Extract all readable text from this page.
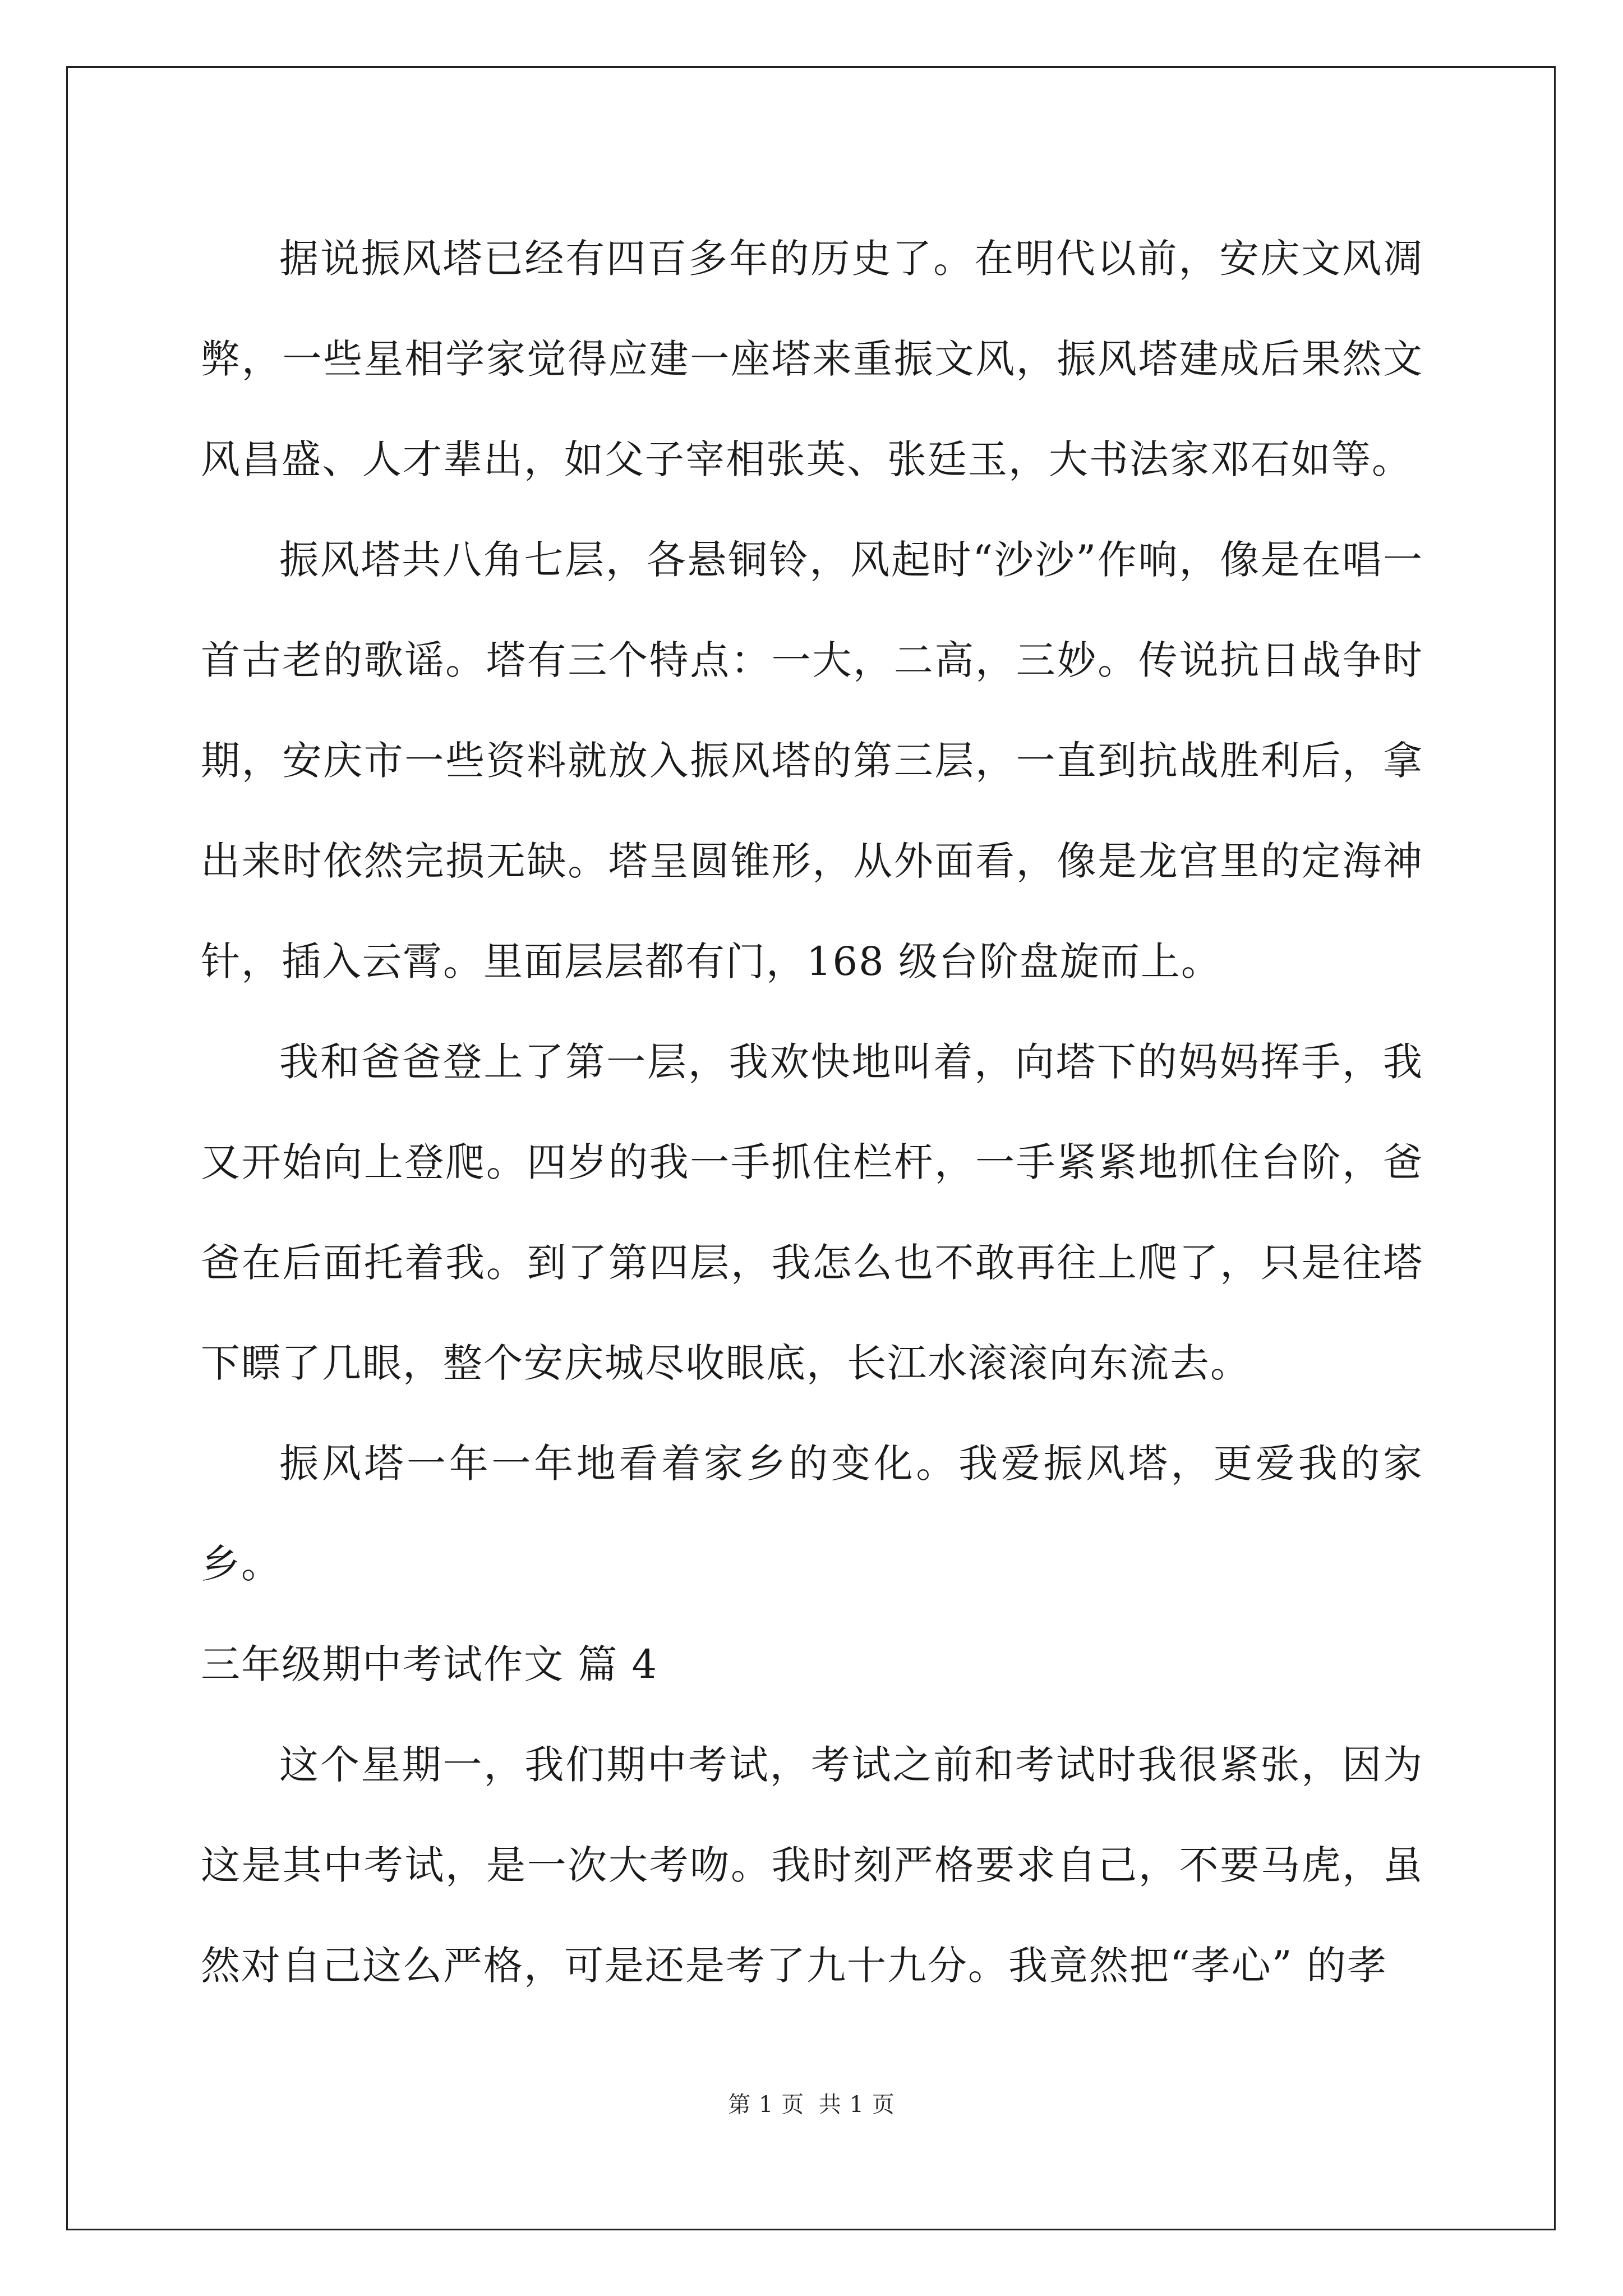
据说振风塔已经有四百多年的历史了。在明代以前，安庆文风凋弊，一些星相学家觉得应建一座塔来重振文风，振风塔建成后果然文风昌盛、人才辈出，如父子宰相张英、张廷玉，大书法家邓石如等。

振风塔共八角七层，各悬铜铃，风起时“沙沙”作响，像是在唱一首古老的歌谣。塔有三个特点：一大，二高，三妙。传说抗日战争时期，安庆市一些资料就放入振风塔的第三层，一直到抗战胜利后，拿出来时依然完损无缺。塔呈圆锥形，从外面看，像是龙宫里的定海神针，插入云霄。里面层层都有门，168 级台阶盘旋而上。

我和爸爸登上了第一层，我欢快地叫着，向塔下的妈妈挥手，我又开始向上登爬。四岁的我一手抓住栏杆，一手紧紧地抓住台阶，爸爸在后面托着我。到了第四层，我怎么也不敢再往上爬了，只是往塔下瞟了几眼，整个安庆城尽收眼底，长江水滚滚向东流去。

振风塔一年一年地看着家乡的变化。我爱振风塔，更爱我的家乡。

三年级期中考试作文 篇 4

这个星期一，我们期中考试，考试之前和考试时我很紧张，因为这是其中考试，是一次大考吻。我时刻严格要求自己，不要马虎，虽然对自己这么严格，可是还是考了九十九分。我竟然把“孝心” 的孝

第 1 页 共 1 页
